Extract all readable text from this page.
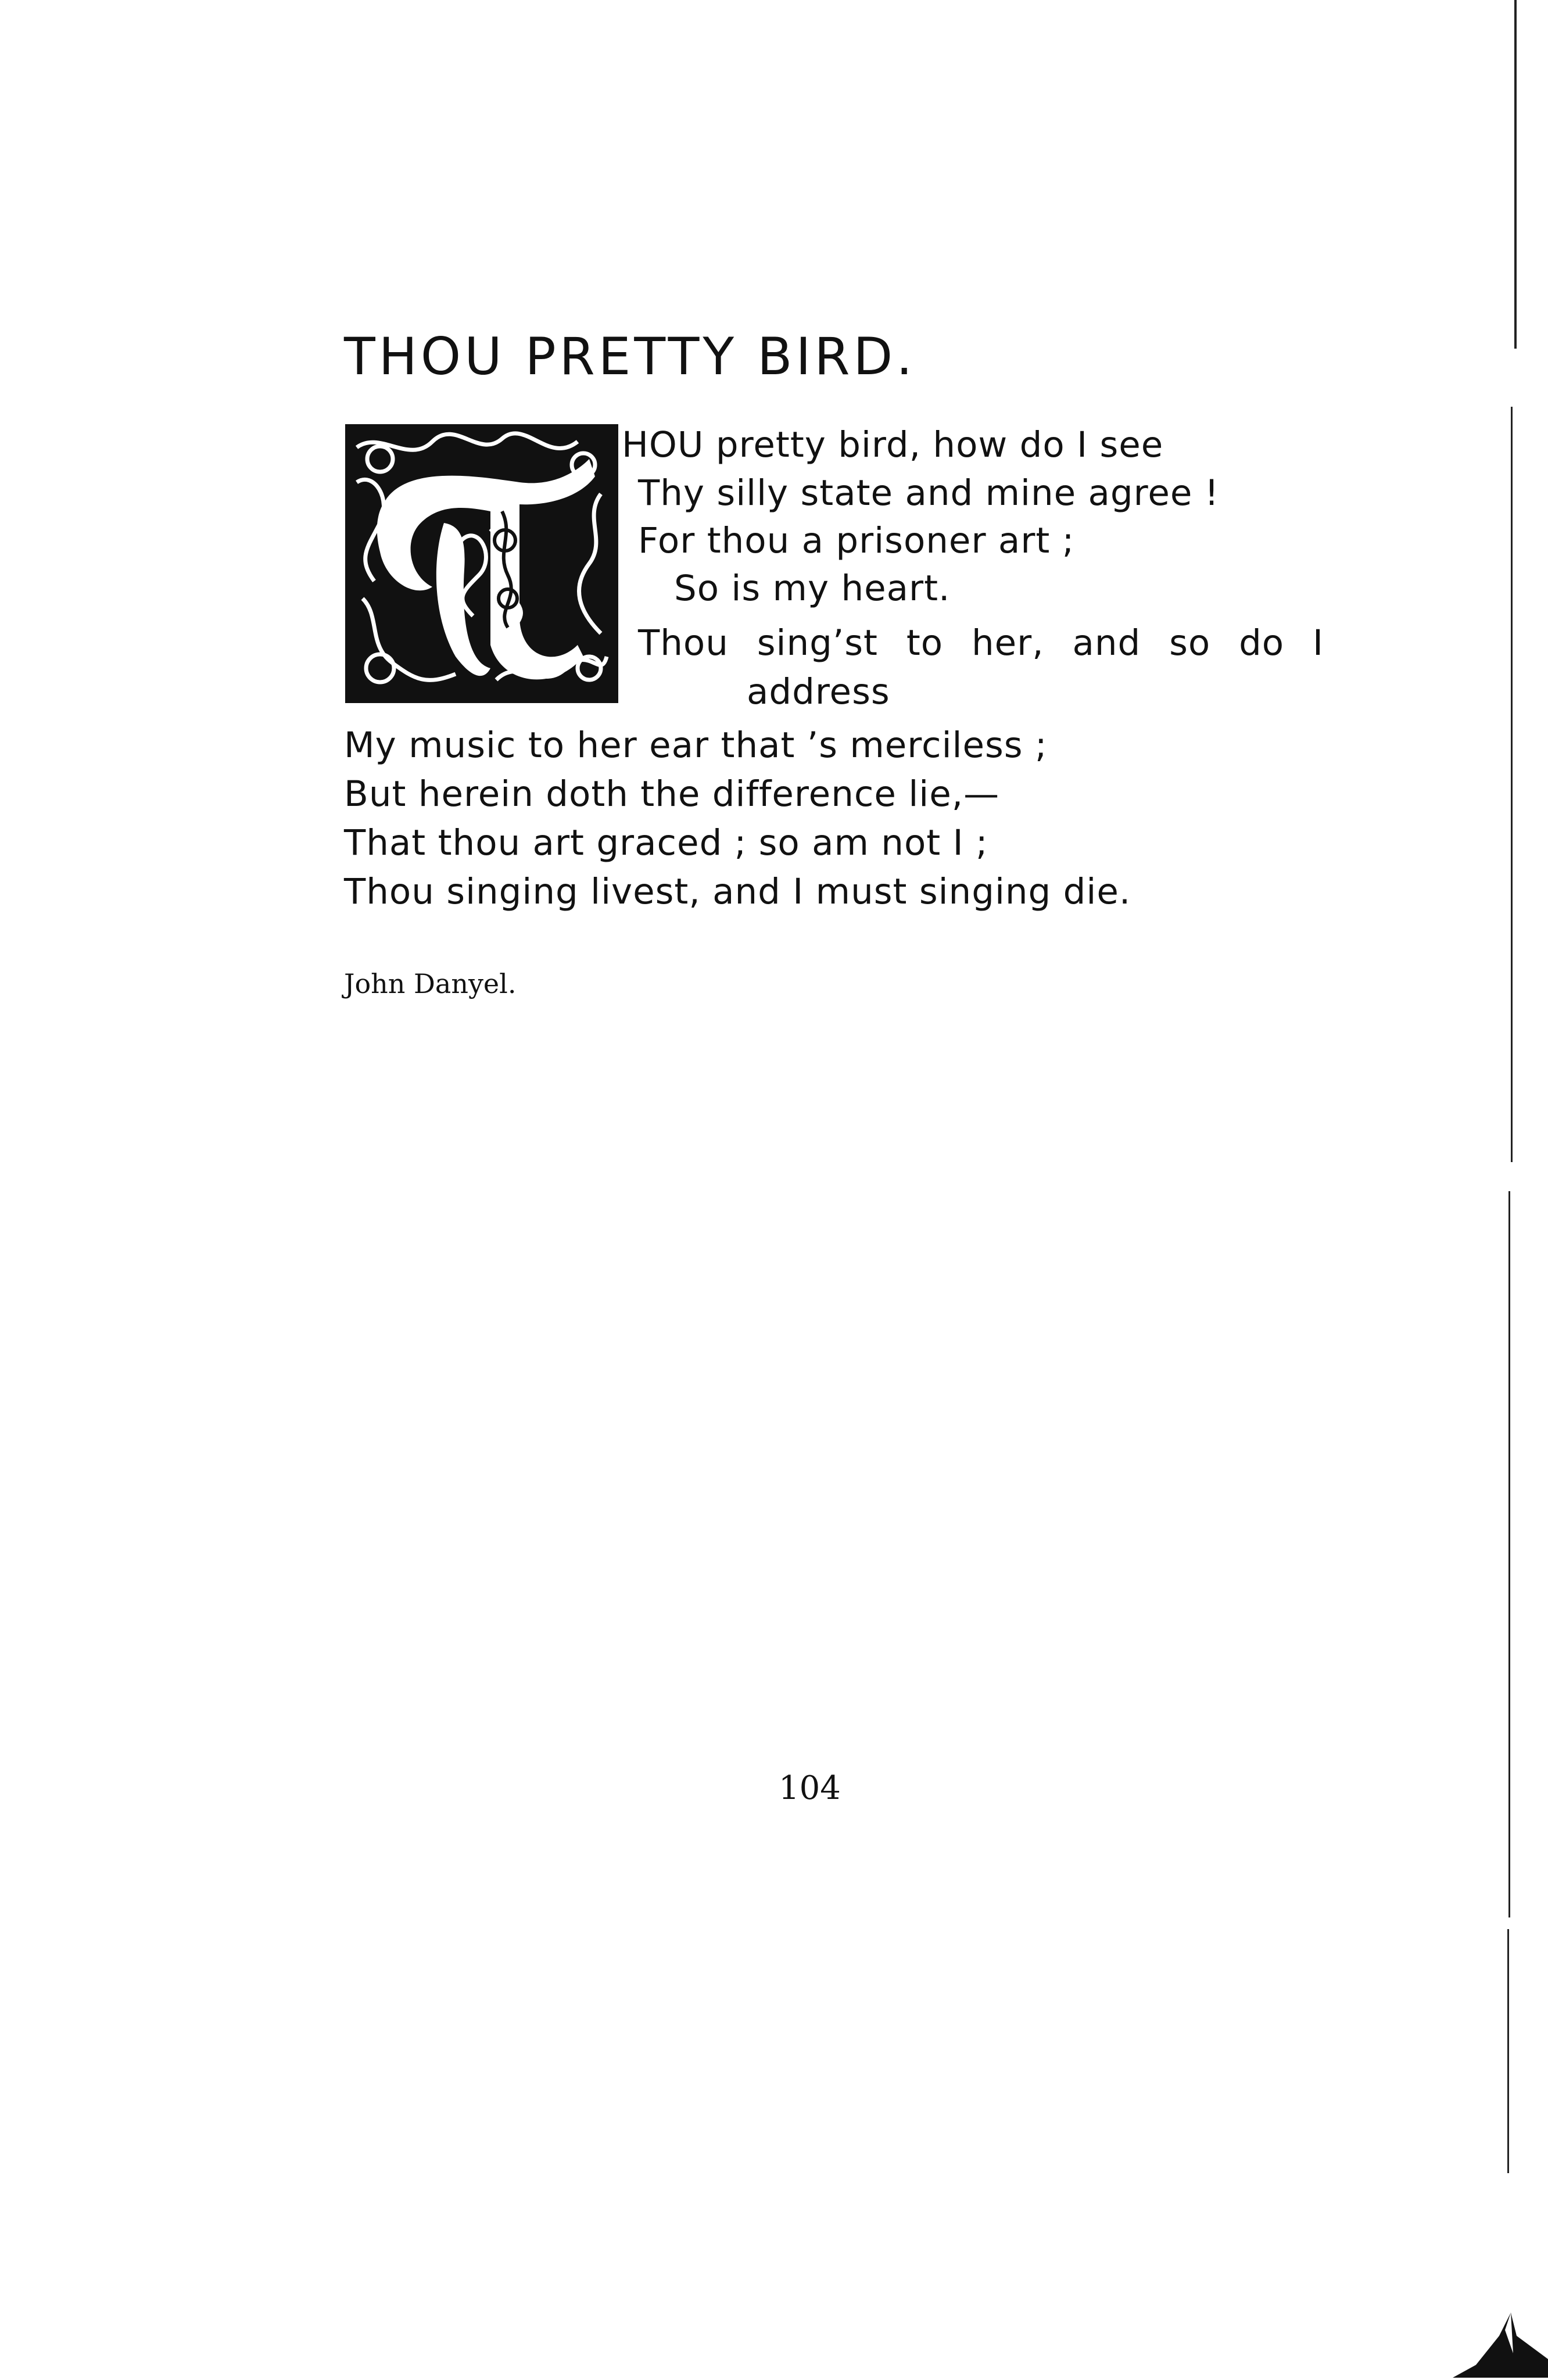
THOU PRETTY BIRD.
HOU pretty bird, how do I see
Thy silly state and mine agree !
For thou a prisoner art ;
So is my heart.
Thou sing’st to her, and so do I
address
My music to her ear that ’s merciless ;
But herein doth the difference lie,—
That thou art graced ; so am not I ;
Thou singing livest, and I must singing die.
John Danyel.
104
